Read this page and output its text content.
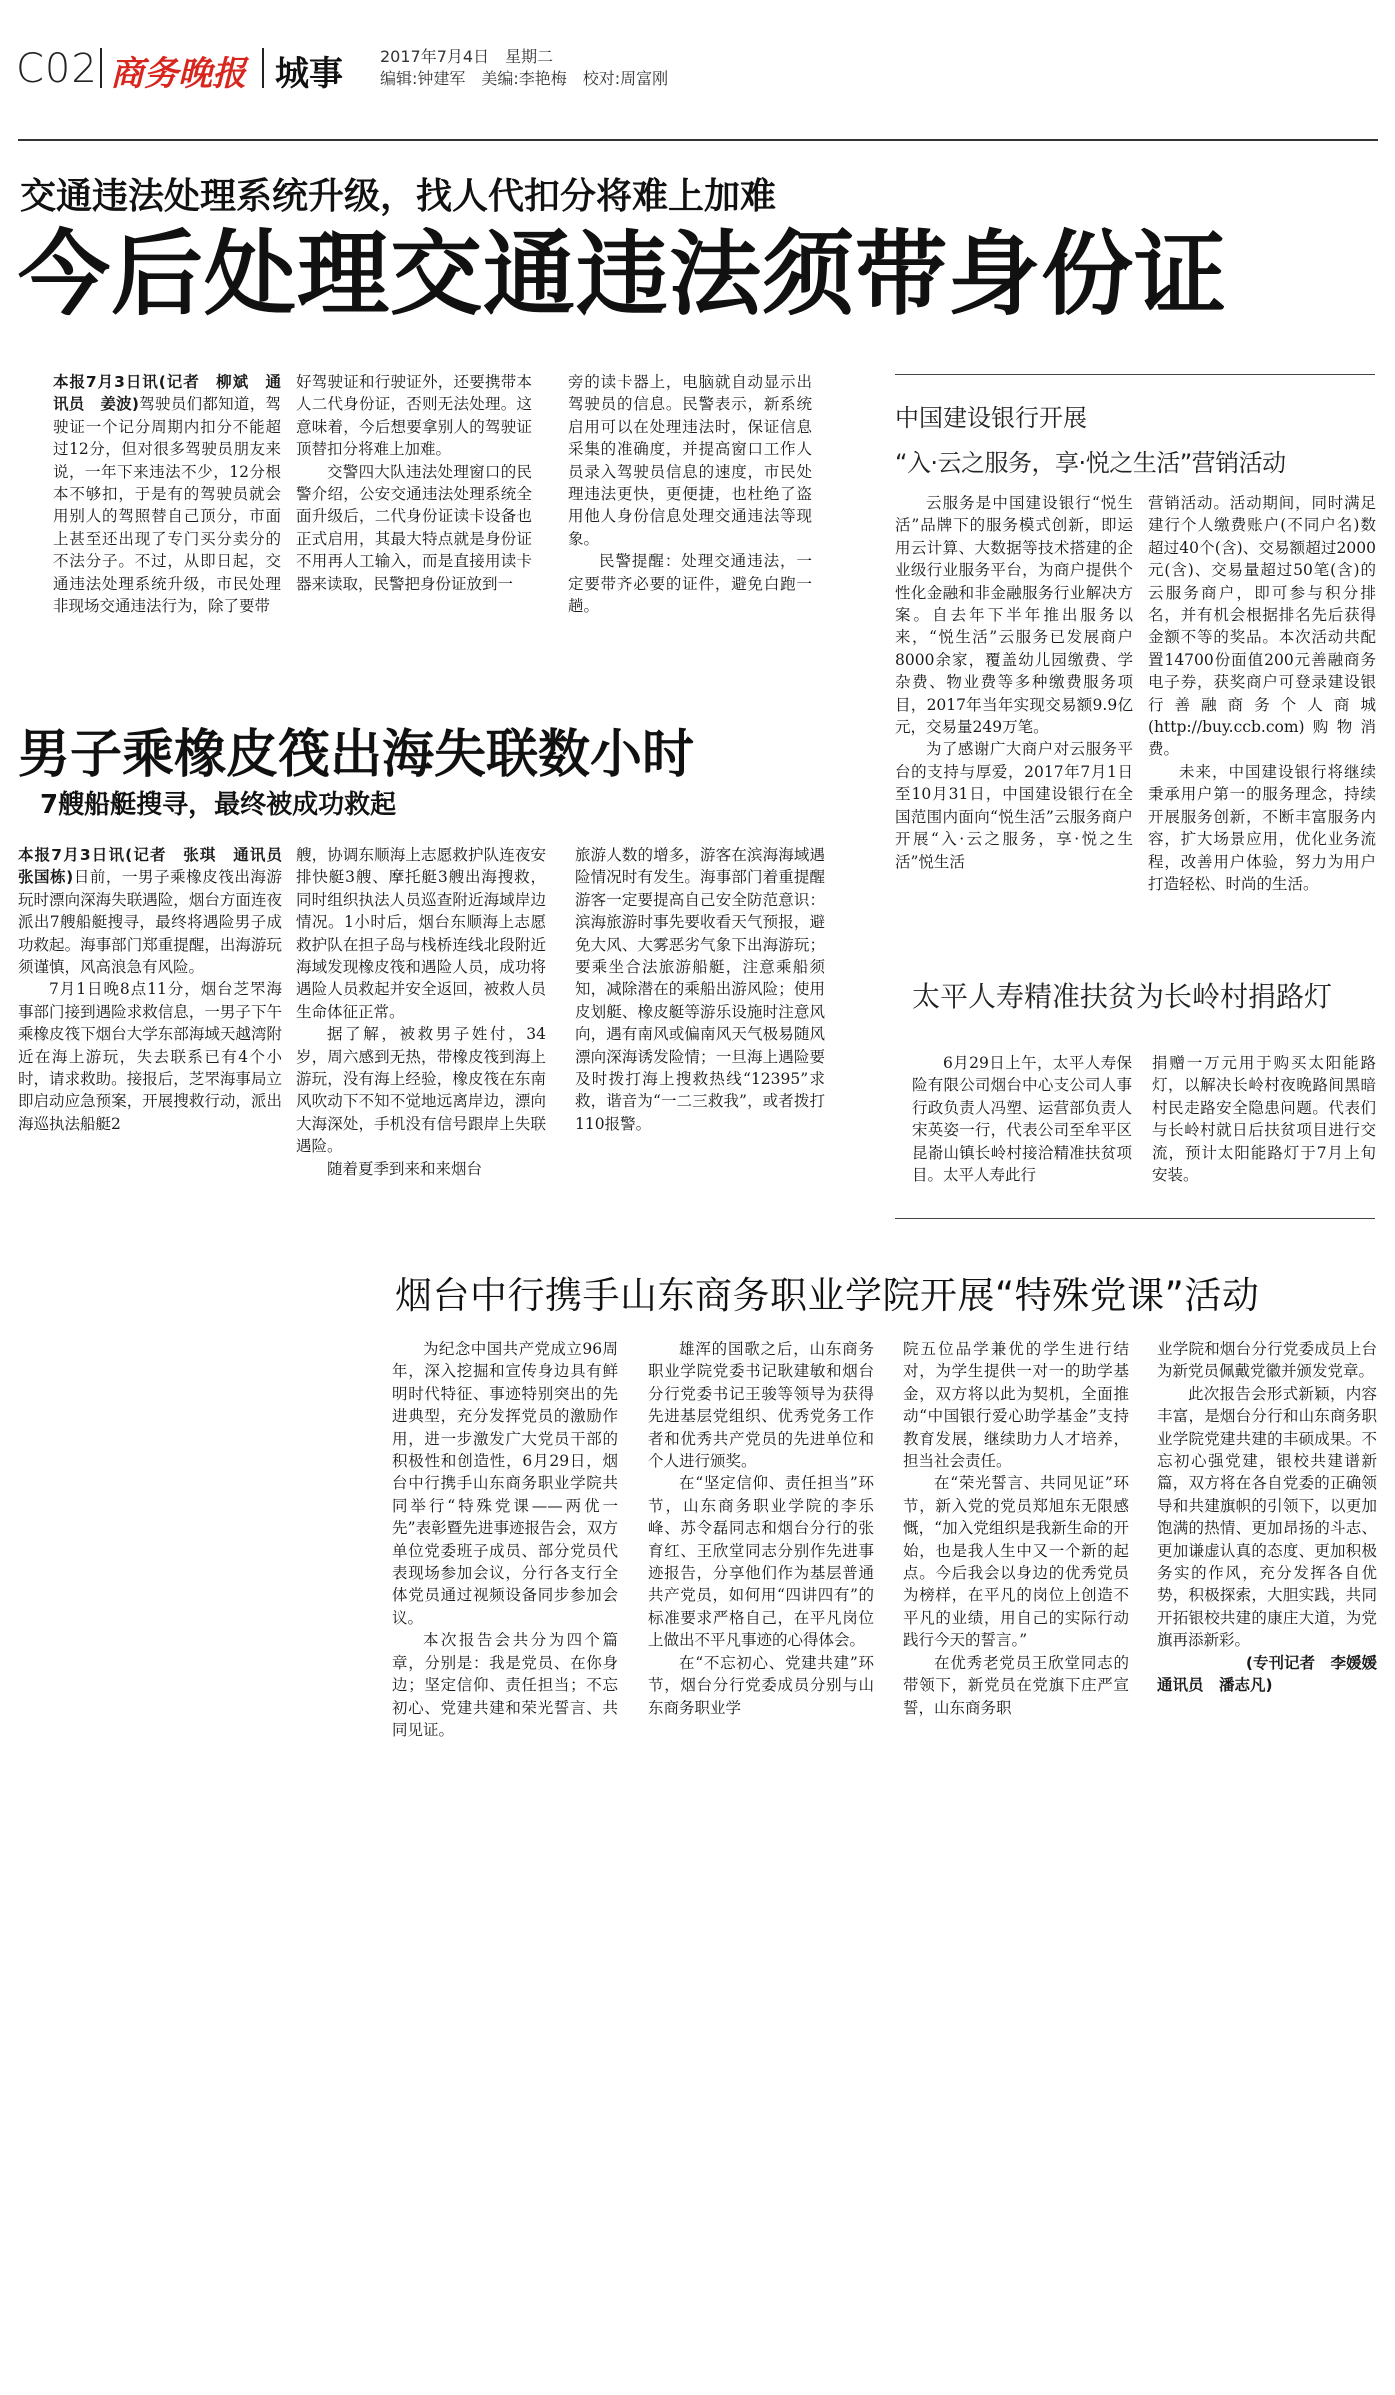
C02 商务晚报 城事 2017年7月4日　 星期二
编辑:钟建军　美编:李艳梅　校对:周富刚
交通违法处理系统升级，找人代扣分将难上加难
今后处理交通违法须带身份证

本报7月3日讯(记者　柳斌　通讯员　姜波)驾驶员们都知道，驾驶证一个记分周期内扣分不能超过12分，但对很多驾驶员朋友来说，一年下来违法不少，12分根本不够扣，于是有的驾驶员就会用别人的驾照替自己顶分，市面上甚至还出现了专门买分卖分的不法分子。不过，从即日起，交通违法处理系统升级，市民处理非现场交通违法行为，除了要带

好驾驶证和行驶证外，还要携带本人二代身份证，否则无法处理。这意味着，今后想要拿别人的驾驶证顶替扣分将难上加难。

交警四大队违法处理窗口的民警介绍，公安交通违法处理系统全面升级后，二代身份证读卡设备也正式启用，其最大特点就是身份证不用再人工输入，而是直接用读卡器来读取，民警把身份证放到一

旁的读卡器上，电脑就自动显示出驾驶员的信息。民警表示，新系统启用可以在处理违法时，保证信息采集的准确度，并提高窗口工作人员录入驾驶员信息的速度，市民处理违法更快，更便捷，也杜绝了盗用他人身份信息处理交通违法等现象。

民警提醒：处理交通违法，一定要带齐必要的证件，避免白跑一趟。

男子乘橡皮筏出海失联数小时
7艘船艇搜寻，最终被成功救起

本报7月3日讯(记者　张琪　通讯员　张国栋)日前，一男子乘橡皮筏出海游玩时漂向深海失联遇险，烟台方面连夜派出7艘船艇搜寻，最终将遇险男子成功救起。海事部门郑重提醒，出海游玩须谨慎，风高浪急有风险。

7月1日晚8点11分，烟台芝罘海事部门接到遇险求救信息，一男子下午乘橡皮筏下烟台大学东部海域天越湾附近在海上游玩，失去联系已有4个小时，请求救助。接报后，芝罘海事局立即启动应急预案，开展搜救行动，派出海巡执法船艇2

艘，协调东顺海上志愿救护队连夜安排快艇3艘、摩托艇3艘出海搜救，同时组织执法人员巡查附近海域岸边情况。1小时后，烟台东顺海上志愿救护队在担子岛与栈桥连线北段附近海域发现橡皮筏和遇险人员，成功将遇险人员救起并安全返回，被救人员生命体征正常。

据了解，被救男子姓付，34岁，周六感到无热，带橡皮筏到海上游玩，没有海上经验，橡皮筏在东南风吹动下不知不觉地远离岸边，漂向大海深处，手机没有信号跟岸上失联遇险。

随着夏季到来和来烟台

旅游人数的增多，游客在滨海海域遇险情况时有发生。海事部门着重提醒游客一定要提高自己安全防范意识：滨海旅游时事先要收看天气预报，避免大风、大雾恶劣气象下出海游玩；要乘坐合法旅游船艇，注意乘船须知，减除潜在的乘船出游风险；使用皮划艇、橡皮艇等游乐设施时注意风向，遇有南风或偏南风天气极易随风漂向深海诱发险情；一旦海上遇险要及时拨打海上搜救热线“12395”求救，谐音为“一二三救我”，或者拨打110报警。

中国建设银行开展
“入·云之服务，享·悦之生活”营销活动

云服务是中国建设银行“悦生活”品牌下的服务模式创新，即运用云计算、大数据等技术搭建的企业级行业服务平台，为商户提供个性化金融和非金融服务行业解决方案。自去年下半年推出服务以来，“悦生活”云服务已发展商户8000余家，覆盖幼儿园缴费、学杂费、物业费等多种缴费服务项目，2017年当年实现交易额9.9亿元，交易量249万笔。

为了感谢广大商户对云服务平台的支持与厚爱，2017年7月1日至10月31日，中国建设银行在全国范围内面向“悦生活”云服务商户开展“入·云之服务，享·悦之生活”悦生活

营销活动。活动期间，同时满足建行个人缴费账户(不同户名)数超过40个(含)、交易额超过2000元(含)、交易量超过50笔(含)的云服务商户，即可参与积分排名，并有机会根据排名先后获得金额不等的奖品。本次活动共配置14700份面值200元善融商务电子券，获奖商户可登录建设银行善融商务个人商城(http://buy.ccb.com)购物消费。

未来，中国建设银行将继续秉承用户第一的服务理念，持续开展服务创新，不断丰富服务内容，扩大场景应用，优化业务流程，改善用户体验，努力为用户打造轻松、时尚的生活。

太平人寿精准扶贫为长岭村捐路灯

6月29日上午，太平人寿保险有限公司烟台中心支公司人事行政负责人冯塑、运营部负责人宋英姿一行，代表公司至牟平区昆嵛山镇长岭村接洽精准扶贫项目。太平人寿此行

捐赠一万元用于购买太阳能路灯，以解决长岭村夜晚路间黑暗村民走路安全隐患问题。代表们与长岭村就日后扶贫项目进行交流，预计太阳能路灯于7月上旬安装。

烟台中行携手山东商务职业学院开展“特殊党课”活动

为纪念中国共产党成立96周年，深入挖掘和宣传身边具有鲜明时代特征、事迹特别突出的先进典型，充分发挥党员的激励作用，进一步激发广大党员干部的积极性和创造性，6月29日，烟台中行携手山东商务职业学院共同举行“特殊党课——两优一先”表彰暨先进事迹报告会，双方单位党委班子成员、部分党员代表现场参加会议，分行各支行全体党员通过视频设备同步参加会议。

本次报告会共分为四个篇章，分别是：我是党员、在你身边；坚定信仰、责任担当；不忘初心、党建共建和荣光誓言、共同见证。

雄浑的国歌之后，山东商务职业学院党委书记耿建敏和烟台分行党委书记王骏等领导为获得先进基层党组织、优秀党务工作者和优秀共产党员的先进单位和个人进行颁奖。

在“坚定信仰、责任担当”环节，山东商务职业学院的李乐峰、苏令磊同志和烟台分行的张育红、王欣堂同志分别作先进事迹报告，分享他们作为基层普通共产党员，如何用“四讲四有”的标准要求严格自己，在平凡岗位上做出不平凡事迹的心得体会。

在“不忘初心、党建共建”环节，烟台分行党委成员分别与山东商务职业学

院五位品学兼优的学生进行结对，为学生提供一对一的助学基金，双方将以此为契机，全面推动“中国银行爱心助学基金”支持教育发展，继续助力人才培养，担当社会责任。

在“荣光誓言、共同见证”环节，新入党的党员郑旭东无限感慨，“加入党组织是我新生命的开始，也是我人生中又一个新的起点。今后我会以身边的优秀党员为榜样，在平凡的岗位上创造不平凡的业绩，用自己的实际行动践行今天的誓言。”

在优秀老党员王欣堂同志的带领下，新党员在党旗下庄严宣誓，山东商务职

业学院和烟台分行党委成员上台为新党员佩戴党徽并颁发党章。

此次报告会形式新颖，内容丰富，是烟台分行和山东商务职业学院党建共建的丰硕成果。不忘初心强党建，银校共建谱新篇，双方将在各自党委的正确领导和共建旗帜的引领下，以更加饱满的热情、更加昂扬的斗志、更加谦虚认真的态度、更加积极务实的作风，充分发挥各自优势，积极探索，大胆实践，共同开拓银校共建的康庄大道，为党旗再添新彩。

(专刊记者　李媛媛

通讯员　潘志凡)
